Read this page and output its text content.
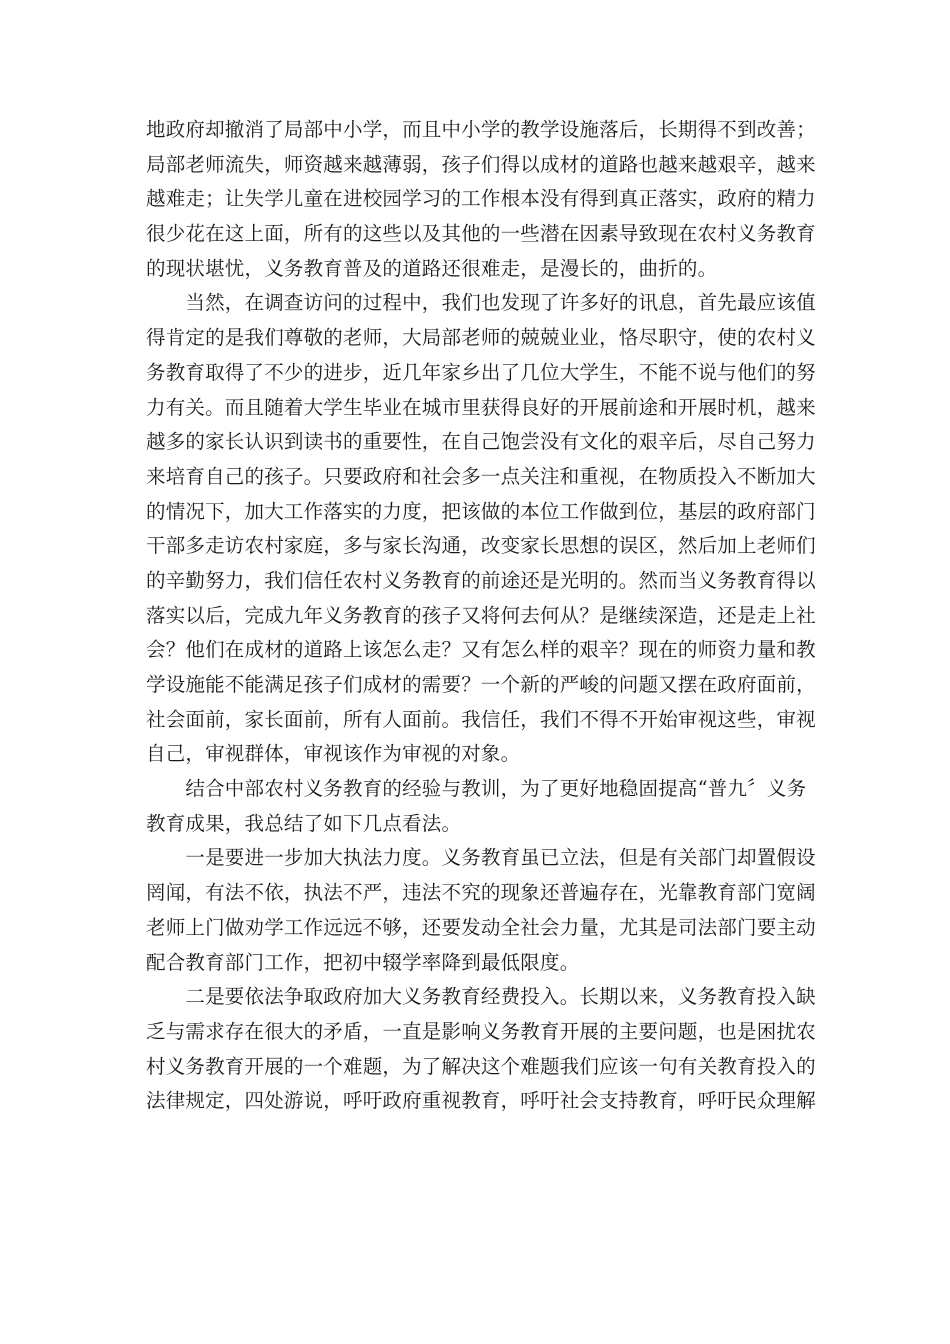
地政府却撤消了局部中小学，而且中小学的教学设施落后，长期得不到改善；
局部老师流失，师资越来越薄弱，孩子们得以成材的道路也越来越艰辛，越来
越难走；让失学儿童在进校园学习的工作根本没有得到真正落实，政府的精力
很少花在这上面，所有的这些以及其他的一些潜在因素导致现在农村义务教育
的现状堪忧，义务教育普及的道路还很难走，是漫长的，曲折的。
　　当然，在调查访问的过程中，我们也发现了许多好的讯息，首先最应该值
得肯定的是我们尊敬的老师，大局部老师的兢兢业业，恪尽职守，使的农村义
务教育取得了不少的进步，近几年家乡出了几位大学生，不能不说与他们的努
力有关。而且随着大学生毕业在城市里获得良好的开展前途和开展时机，越来
越多的家长认识到读书的重要性，在自己饱尝没有文化的艰辛后，尽自己努力
来培育自己的孩子。只要政府和社会多一点关注和重视，在物质投入不断加大
的情况下，加大工作落实的力度，把该做的本位工作做到位，基层的政府部门
干部多走访农村家庭，多与家长沟通，改变家长思想的误区，然后加上老师们
的辛勤努力，我们信任农村义务教育的前途还是光明的。然而当义务教育得以
落实以后，完成九年义务教育的孩子又将何去何从？是继续深造，还是走上社
会？他们在成材的道路上该怎么走？又有怎么样的艰辛？现在的师资力量和教
学设施能不能满足孩子们成材的需要？一个新的严峻的问题又摆在政府面前，
社会面前，家长面前，所有人面前。我信任，我们不得不开始审视这些，审视
自己，审视群体，审视该作为审视的对象。
　　结合中部农村义务教育的经验与教训，为了更好地稳固提高“普九〞义务
教育成果，我总结了如下几点看法。
　　一是要进一步加大执法力度。义务教育虽已立法，但是有关部门却置假设
罔闻，有法不依，执法不严，违法不究的现象还普遍存在，光靠教育部门宽阔
老师上门做劝学工作远远不够，还要发动全社会力量，尤其是司法部门要主动
配合教育部门工作，把初中辍学率降到最低限度。
　　二是要依法争取政府加大义务教育经费投入。长期以来，义务教育投入缺
乏与需求存在很大的矛盾，一直是影响义务教育开展的主要问题，也是困扰农
村义务教育开展的一个难题，为了解决这个难题我们应该一句有关教育投入的
法律规定，四处游说，呼吁政府重视教育，呼吁社会支持教育，呼吁民众理解
